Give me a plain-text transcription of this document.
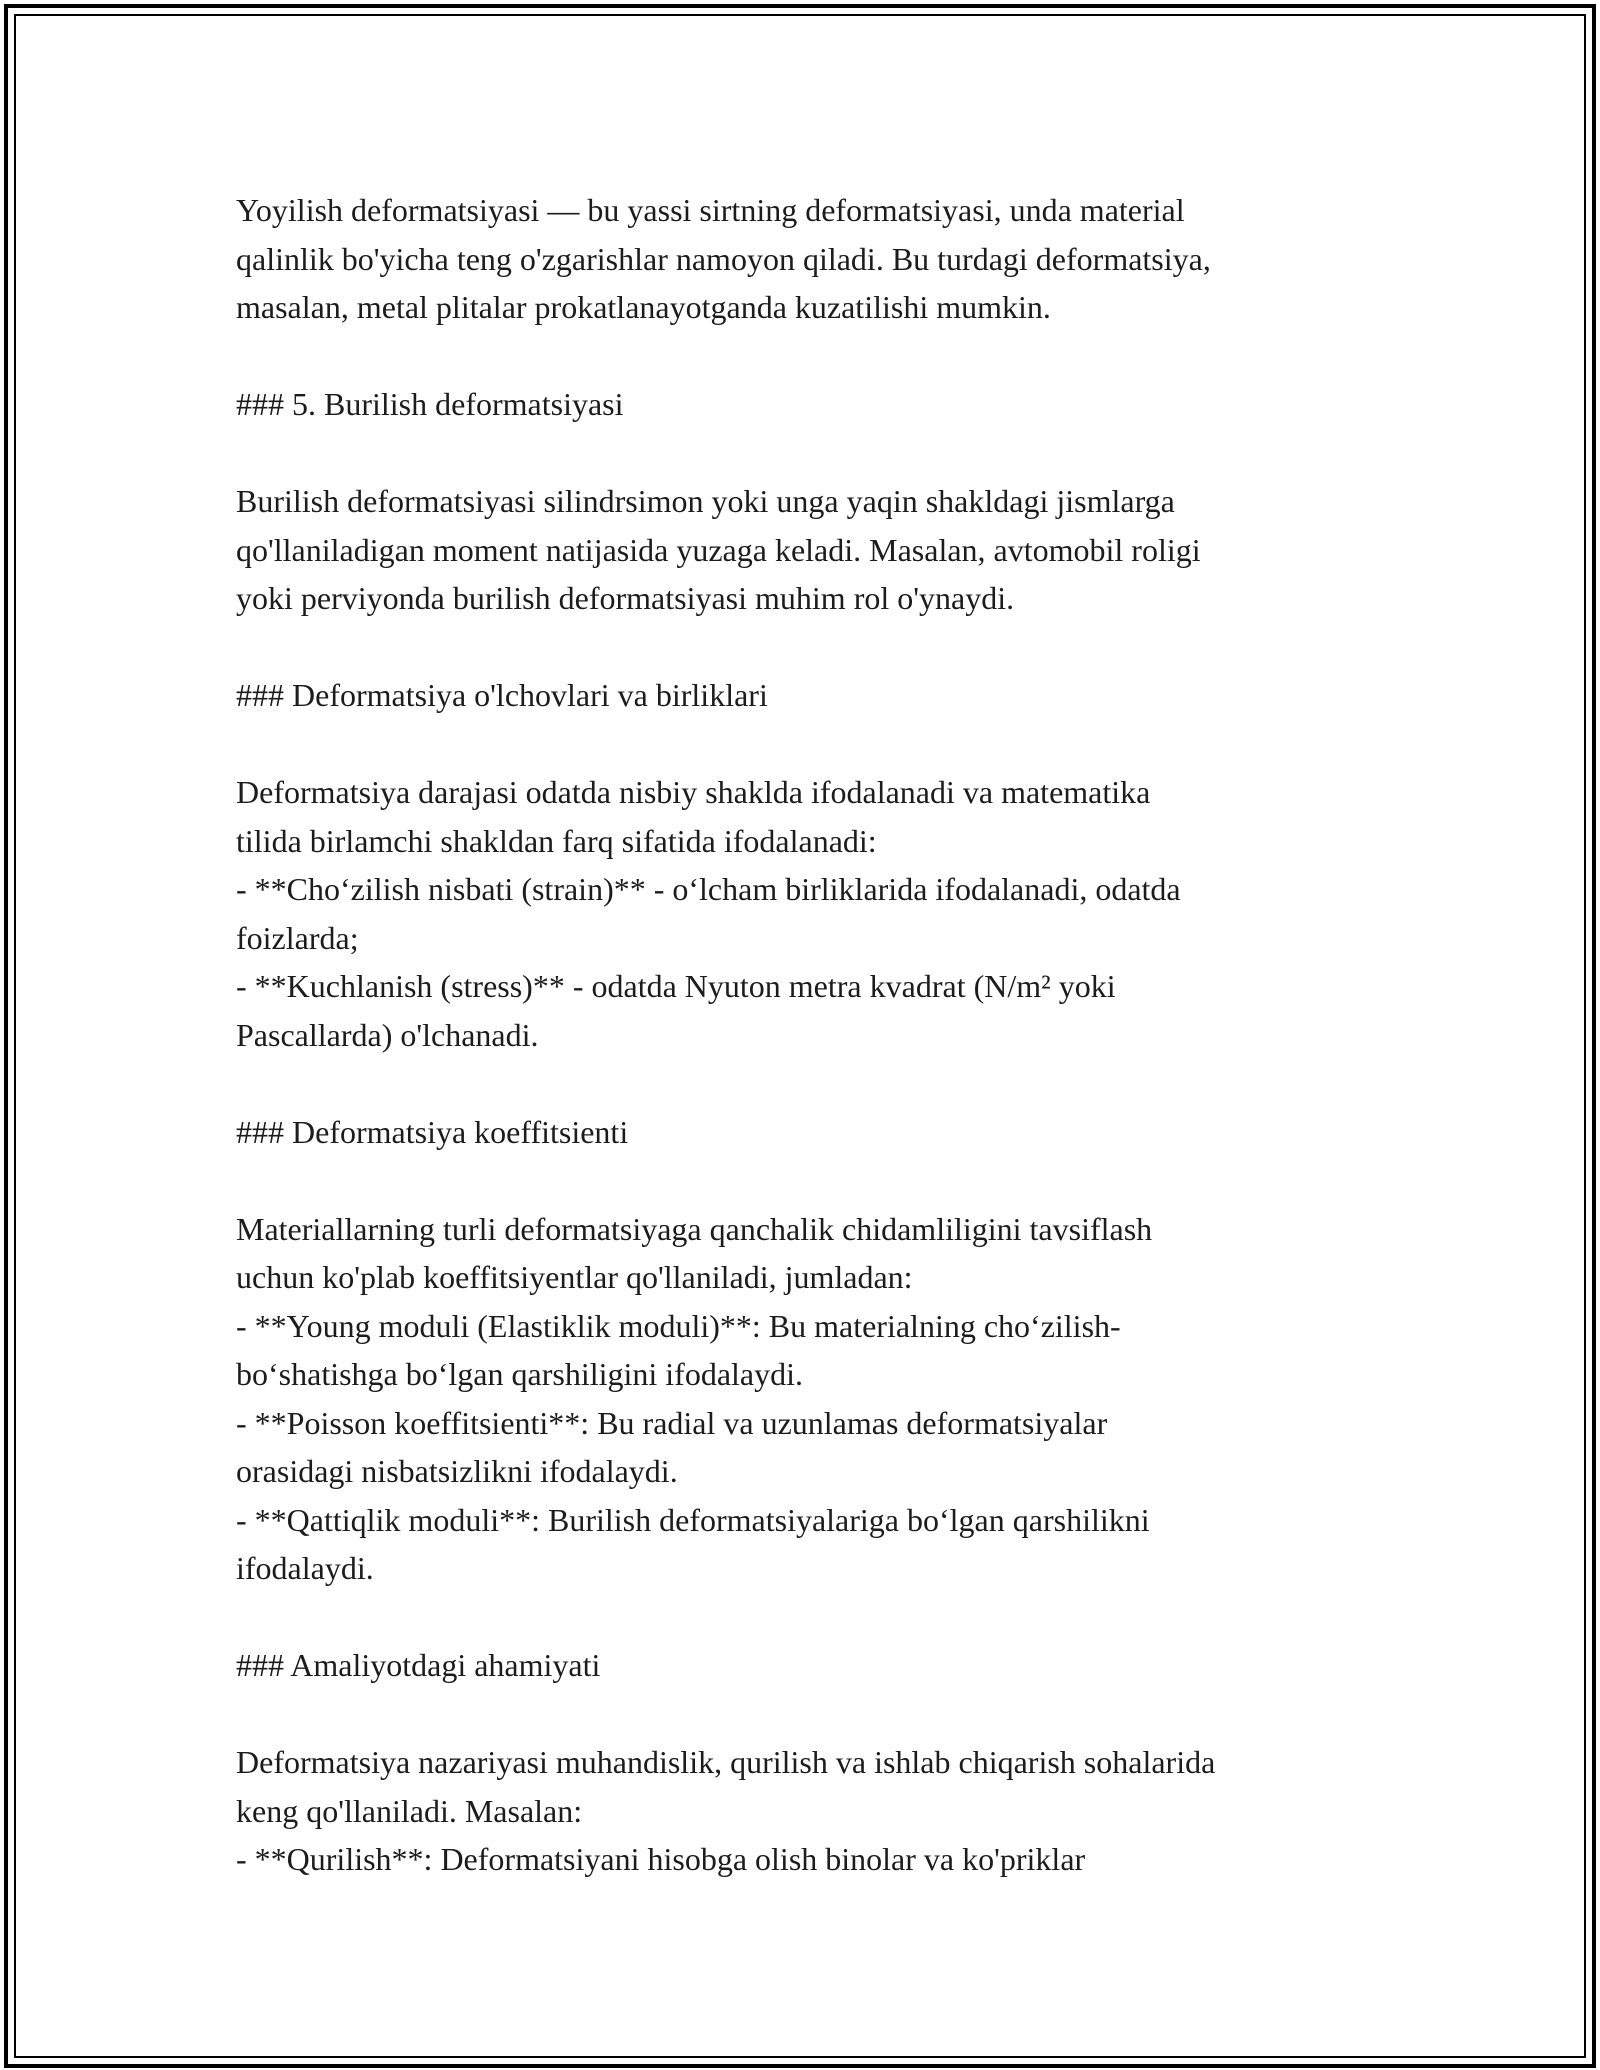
Yoyilish deformatsiyasi — bu yassi sirtning deformatsiyasi, unda material
qalinlik bo'yicha teng o'zgarishlar namoyon qiladi. Bu turdagi deformatsiya,
masalan, metal plitalar prokatlanayotganda kuzatilishi mumkin.
### 5. Burilish deformatsiyasi
Burilish deformatsiyasi silindrsimon yoki unga yaqin shakldagi jismlarga
qo'llaniladigan moment natijasida yuzaga keladi. Masalan, avtomobil roligi
yoki perviyonda burilish deformatsiyasi muhim rol o'ynaydi.
### Deformatsiya o'lchovlari va birliklari
Deformatsiya darajasi odatda nisbiy shaklda ifodalanadi va matematika
tilida birlamchi shakldan farq sifatida ifodalanadi:
- **Cho‘zilish nisbati (strain)** - o‘lcham birliklarida ifodalanadi, odatda
foizlarda;
- **Kuchlanish (stress)** - odatda Nyuton metra kvadrat (N/m² yoki
Pascallarda) o'lchanadi.
### Deformatsiya koeffitsienti
Materiallarning turli deformatsiyaga qanchalik chidamliligini tavsiflash
uchun ko'plab koeffitsiyentlar qo'llaniladi, jumladan:
- **Young moduli (Elastiklik moduli)**: Bu materialning cho‘zilish-
bo‘shatishga bo‘lgan qarshiligini ifodalaydi.
- **Poisson koeffitsienti**: Bu radial va uzunlamas deformatsiyalar
orasidagi nisbatsizlikni ifodalaydi.
- **Qattiqlik moduli**: Burilish deformatsiyalariga bo‘lgan qarshilikni
ifodalaydi.
### Amaliyotdagi ahamiyati
Deformatsiya nazariyasi muhandislik, qurilish va ishlab chiqarish sohalarida
keng qo'llaniladi. Masalan:
- **Qurilish**: Deformatsiyani hisobga olish binolar va ko'priklar
